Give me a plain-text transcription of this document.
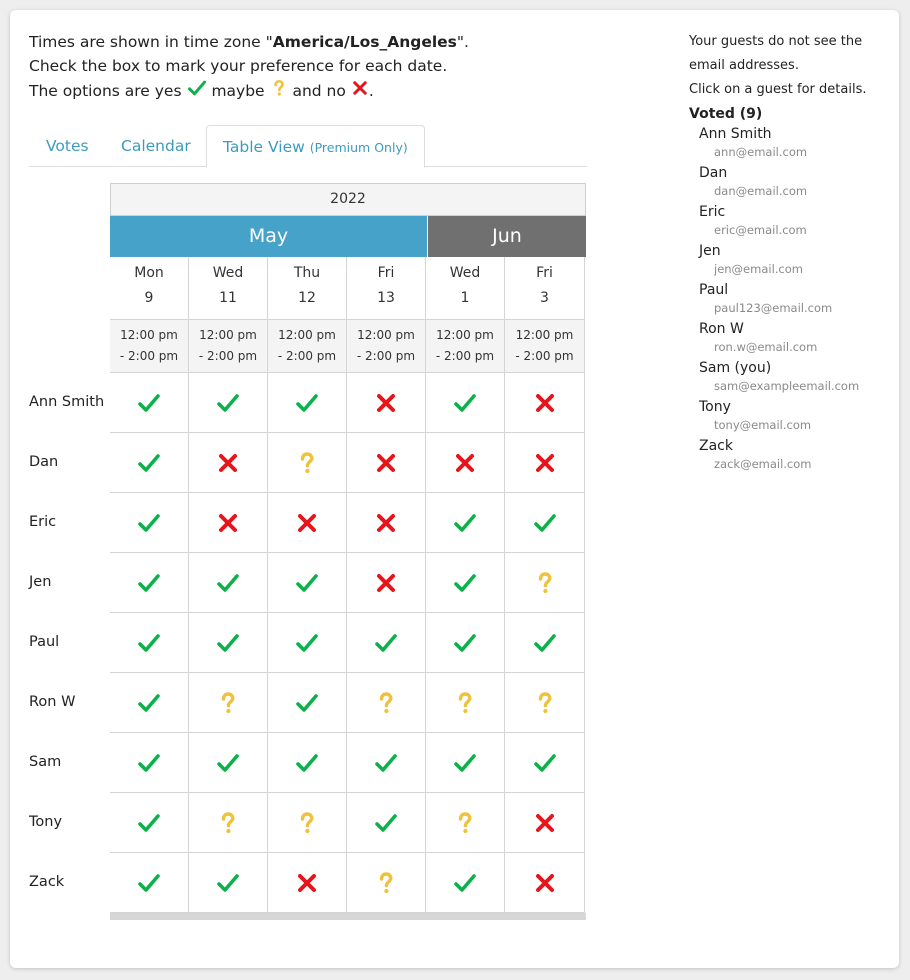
Times are shown in time zone "America/Los_Angeles".
Check the box to mark your preference for each date.
The options are yes maybe and no .
Votes Calendar	Table View (Premium Only)
2022
May	Jun
Mon
9
12:00 pm
- 2:00 pm
Wed
11
12:00 pm
- 2:00 pm
Thu
12
12:00 pm
- 2:00 pm
Fri
13
12:00 pm
- 2:00 pm
Wed
1
12:00 pm
- 2:00 pm
Fri
3
12:00 pm
- 2:00 pm
Ann Smith
Dan
Eric
Jen
Paul
Ron W
Sam
Tony
Zack
Your guests do not see the
email addresses.
Click on a guest for details.
Voted (9)
Ann Smith
ann@email.com
Dan
dan@email.com
Eric
eric@email.com
Jen
jen@email.com
Paul
paul123@email.com
Ron W
ron.w@email.com
Sam (you)
sam@exampleemail.com
Tony
tony@email.com
Zack
zack@email.com
